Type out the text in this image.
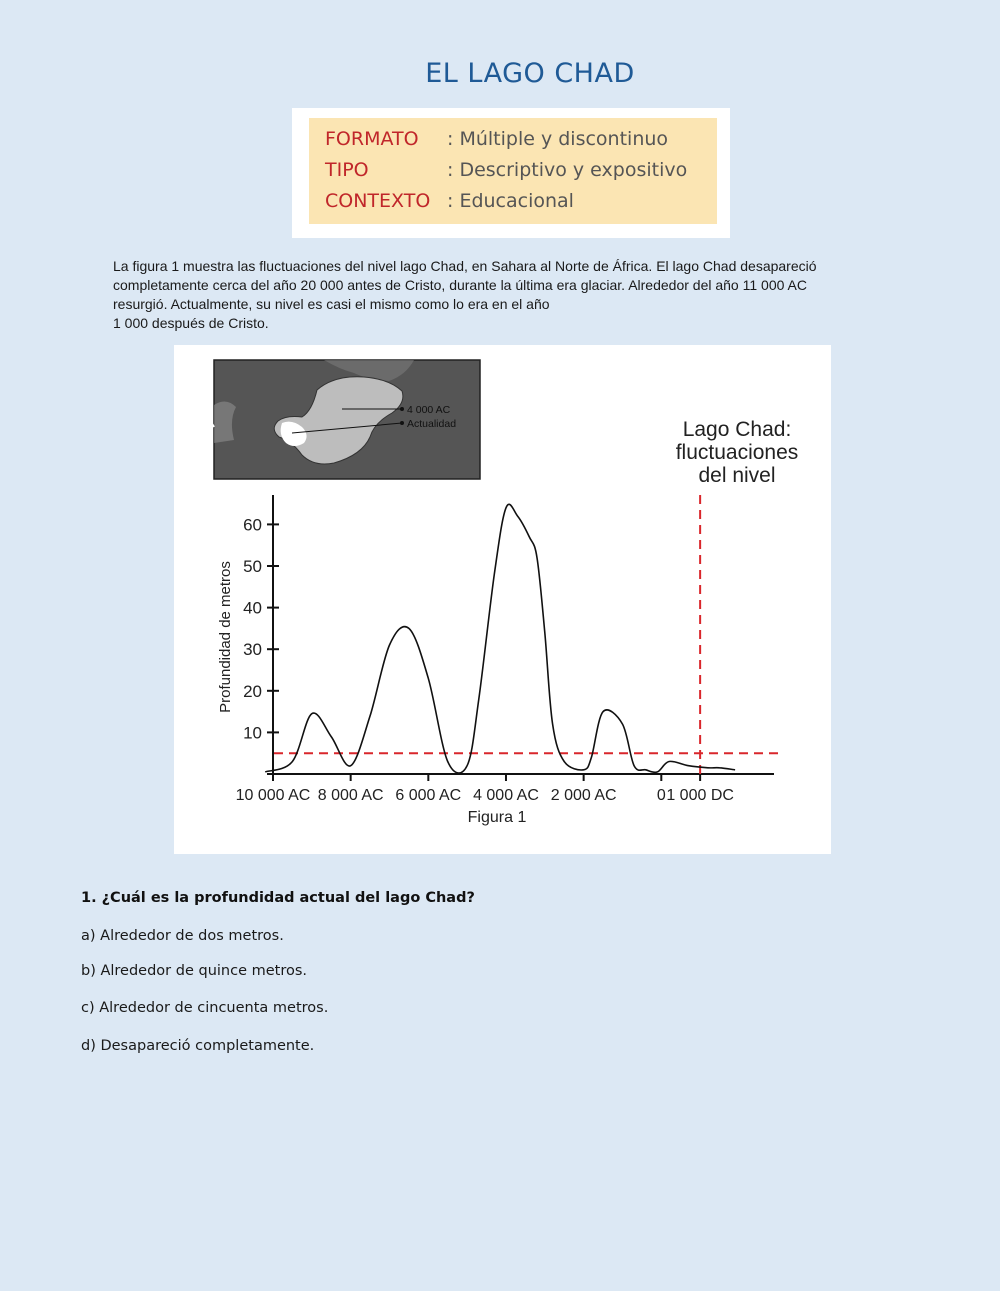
EL LAGO CHAD
FORMATO : Múltiple y discontinuo
TIPO	: Descriptivo y expositivo
CONTEXTO : Educacional

La figura 1 muestra las fluctuaciones del nivel lago Chad, en Sahara al Norte de África. El lago Chad desapareció

completamente cerca del año 20 000 antes de Cristo, durante la última era glaciar. Alrededor del año 11 000 AC

resurgió. Actualmente, su nivel es casi el mismo como lo era en el año

1 000 después de Cristo.

4 000 AC
Actualidad	Lago Chad:
fluctuaciones
del nivel
Profundidad de metros
10
20
30
40
50
60
10 000 AC 8 000 AC 6 000 AC 4 000 AC 2 000 AC	0 1 000 DC
Figura 1
1. ¿Cuál es la profundidad actual del lago Chad?
a) Alrededor de dos metros.
b) Alrededor de quince metros.
c) Alrededor de cincuenta metros.
d) Desapareció completamente.
